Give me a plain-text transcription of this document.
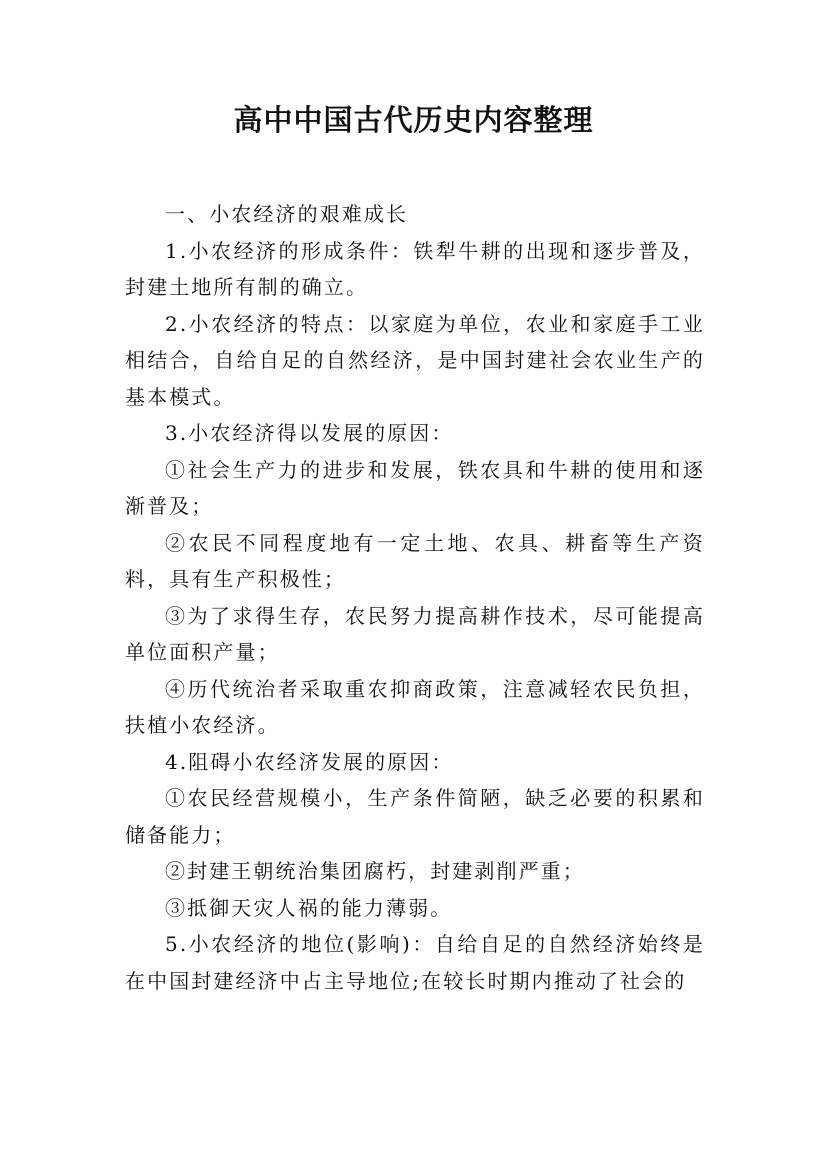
高中中国古代历史内容整理

一、小农经济的艰难成长

1.小农经济的形成条件：铁犁牛耕的出现和逐步普及，封建土地所有制的确立。

2.小农经济的特点：以家庭为单位，农业和家庭手工业相结合，自给自足的自然经济，是中国封建社会农业生产的基本模式。

3.小农经济得以发展的原因：

①社会生产力的进步和发展，铁农具和牛耕的使用和逐渐普及；

②农民不同程度地有一定土地、农具、耕畜等生产资料，具有生产积极性；

③为了求得生存，农民努力提高耕作技术，尽可能提高单位面积产量；

④历代统治者采取重农抑商政策，注意减轻农民负担，扶植小农经济。

4.阻碍小农经济发展的原因：

①农民经营规模小，生产条件简陋，缺乏必要的积累和储备能力；

②封建王朝统治集团腐朽，封建剥削严重；

③抵御天灾人祸的能力薄弱。

5.小农经济的地位(影响)：自给自足的自然经济始终是在中国封建经济中占主导地位;在较长时期内推动了社会的
